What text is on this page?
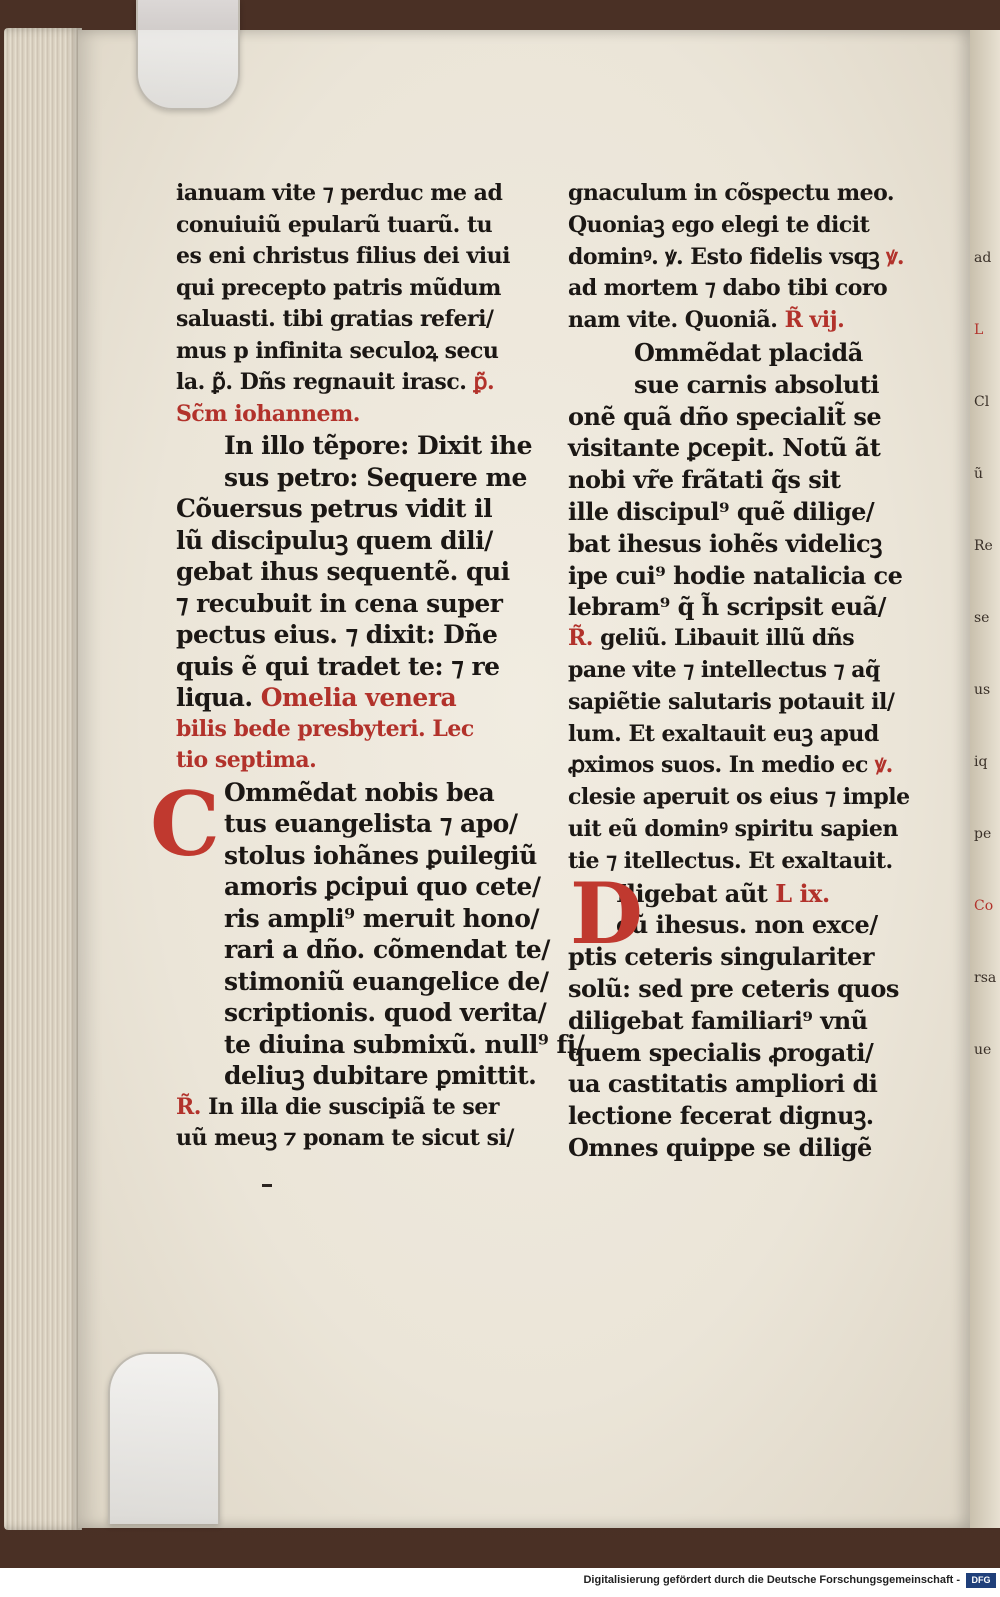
ad
L
Cl
ũ
Re
se
us
iq
pe
Co
rsa
ue
ianuam vite ⁊ perduc me ad
conuiuiũ epularũ tuarũ. tu
es eni christus filius dei viui
qui precepto patris mũdum
saluasti. tibi gratias referi/
mus p infinita seculoꝝ secu
la. ꝑ̃. Dñs regnauit irasc. ꝑ̃.
Sc̃m iohannem.
In illo tẽpore: Dixit ihe
sus petro: Sequere me
Cõuersus petrus vidit il
lũ discipuluꝫ quem dili/
gebat ihus sequentẽ. qui
⁊ recubuit in cena super
pectus eius. ⁊ dixit: Dñe
quis ẽ qui tradet te: ⁊ re
liqua. Omelia venera
bilis bede presbyteri. Lec
tio septima.
Ommẽdat nobis bea
tus euangelista ⁊ apo/
stolus iohãnes ꝑuilegiũ
amoris ꝑcipui quo cete/
ris ampli⁹ meruit hono/
rari a dño. cõmendat te/
stimoniũ euangelice de/
scriptionis. quod verita/
te diuina submixũ. null⁹ fi/
deliuꝫ dubitare ꝑmittit.
R̃. In illa die suscipiã te ser
uũ meuꝫ ⁊ ponam te sicut si/
gnaculum in cõspectu meo.
Quoniaꝫ ego elegi te dicit
dominꝰ. ꝟ. Esto fidelis vsqꝫ ꝟ.
ad mortem ⁊ dabo tibi coro
nam vite. Quoniã. R̃ vij.
Ommẽdat placidã
sue carnis absoluti
onẽ quã dño specialit̃ se
visitante ꝑcepit. Notũ ãt
nobi vr̃e frãtati q̃s sit
ille discipul⁹ quẽ dilige/
bat ihesus iohẽs videlicꝫ
ipe cui⁹ hodie natalicia ce
lebram⁹ q̃ h̃ scripsit euã/
R̃. geliũ. Libauit illũ dñs
pane vite ⁊ intellectus ⁊ aq̃
sapiẽtie salutaris potauit il/
lum. Et exaltauit euꝫ apud
ꝓximos suos. In medio ec ꝟ.
clesie aperuit os eius ⁊ imple
uit eũ dominꝰ spiritu sapien
tie ⁊ itellectus. Et exaltauit.
Iligebat aũt L ix.
eũ ihesus. non exce/
ptis ceteris singulariter
solũ: sed pre ceteris quos
diligebat familiari⁹ vnũ
quem specialis ꝓrogati/
ua castitatis ampliori di
lectione fecerat dignuꝫ.
Omnes quippe se diligẽ
C
D
Digitalisierung gefördert durch die Deutsche Forschungsgemeinschaft -	DFG
